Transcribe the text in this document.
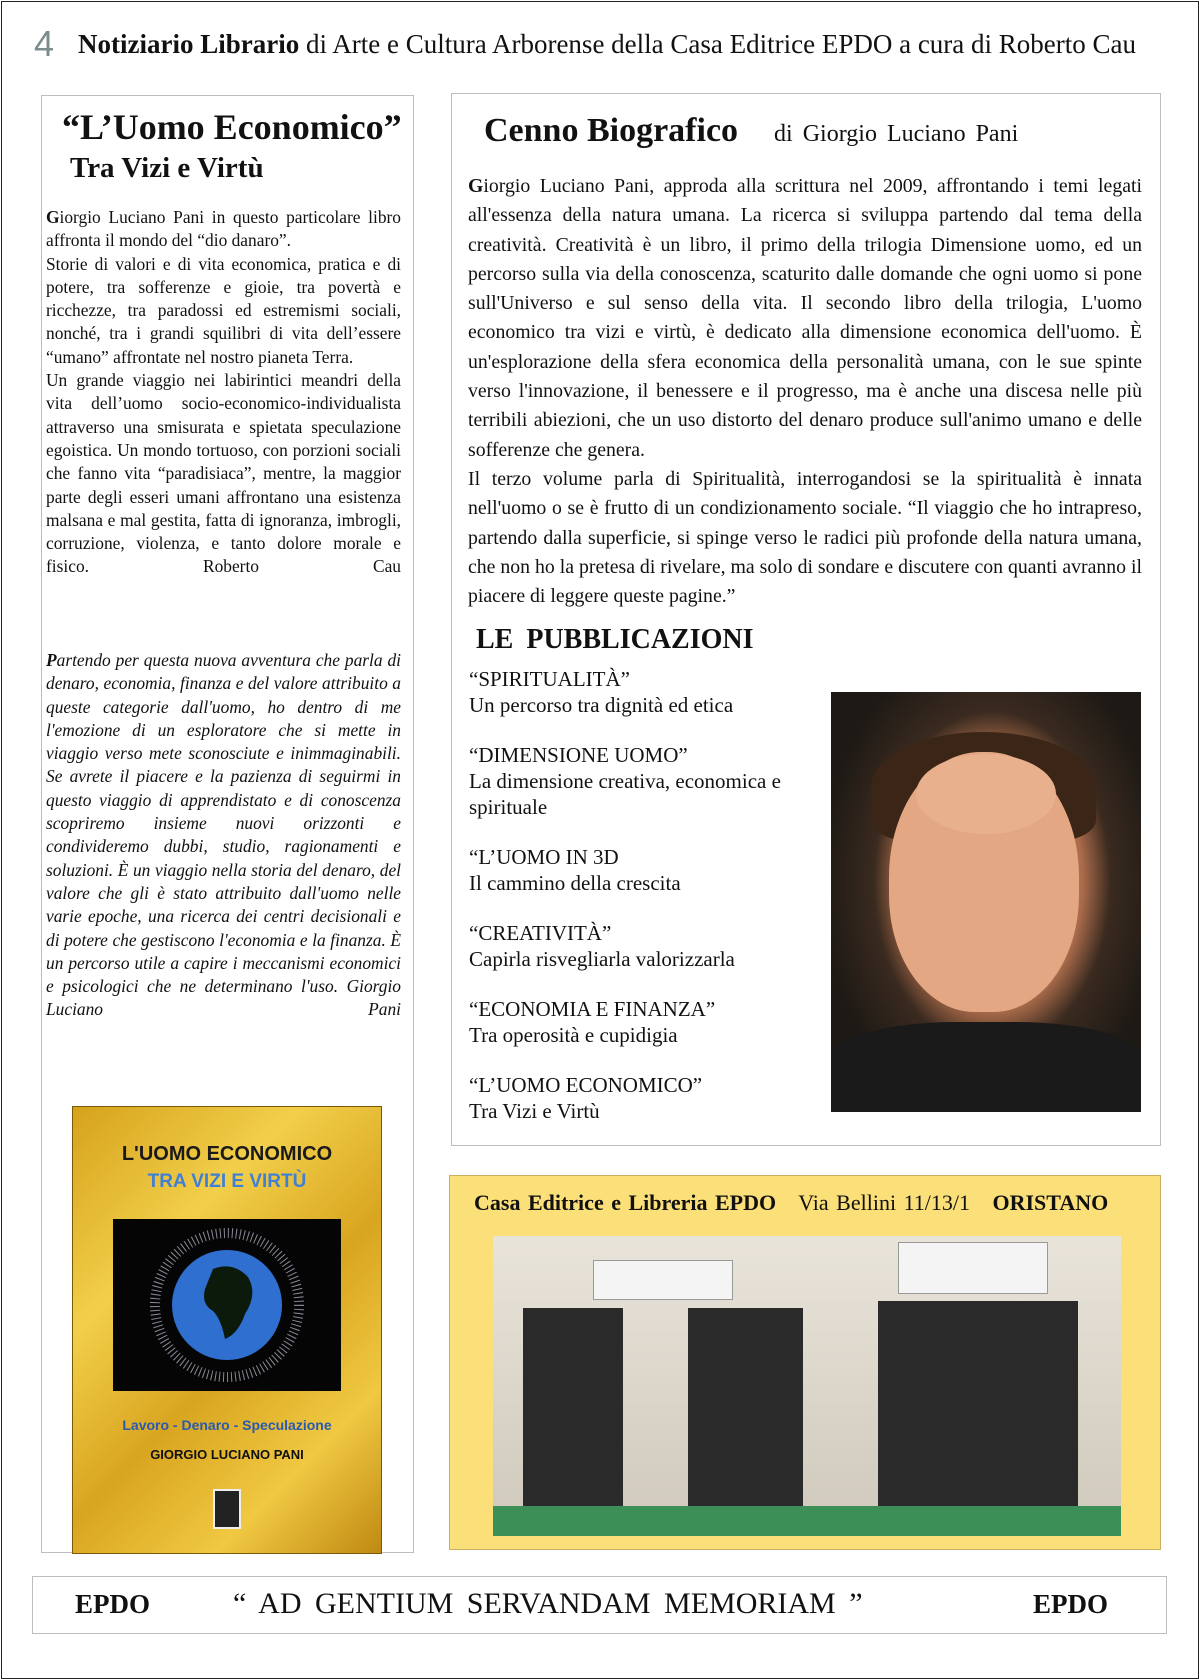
4 Notiziario Librario di Arte e Cultura Arborense della Casa Editrice EPDO a cura di Roberto Cau
“L’Uomo Economico”
Tra Vizi e Virtù

Giorgio Luciano Pani in questo particolare libro affronta il mondo del “dio danaro”.

Storie di valori e di vita economica, pratica e di potere, tra sofferenze e gioie, tra povertà e ricchezze, tra paradossi ed estremismi sociali, nonché, tra i grandi squilibri di vita dell’essere “umano” affrontate nel nostro pianeta Terra.

Un grande viaggio nei labirintici meandri della vita dell’uomo socio-economico-individualista attraverso una smisurata e spietata speculazione egoistica. Un mondo tortuoso, con porzioni sociali che fanno vita “paradisiaca”, mentre, la maggior parte degli esseri umani affrontano una esistenza malsana e mal gestita, fatta di ignoranza, imbrogli, corruzione, violenza, e tanto dolore morale e fisico.	Roberto Cau

Partendo per questa nuova avventura che parla di denaro, economia, finanza e del valore attribuito a queste categorie dall'uomo, ho dentro di me l'emozione di un esploratore che si mette in viaggio verso mete sconosciute e inimmaginabili. Se avrete il piacere e la pazienza di seguirmi in questo viaggio di apprendistato e di conoscenza scopriremo insieme nuovi orizzonti e condivideremo dubbi, studio, ragionamenti e soluzioni. È un viaggio nella storia del denaro, del valore che gli è stato attribuito dall'uomo nelle varie epoche, una ricerca dei centri decisionali e di potere che gestiscono l'economia e la finanza. È un percorso utile a capire i meccanismi economici e psicologici che ne determinano l'uso. Giorgio Luciano Pani

L'UOMO ECONOMICO
TRA VIZI E VIRTÙ
Lavoro - Denaro - Speculazione
GIORGIO LUCIANO PANI
Cenno Biografico di Giorgio Luciano Pani

Giorgio Luciano Pani, approda alla scrittura nel 2009, affrontando i temi legati all'essenza della natura umana. La ricerca si sviluppa partendo dal tema della creatività. Creatività è un libro, il primo della trilogia Dimensione uomo, ed un percorso sulla via della conoscenza, scaturito dalle domande che ogni uomo si pone sull'Universo e sul senso della vita. Il secondo libro della trilogia, L'uomo economico tra vizi e virtù, è dedicato alla dimensione economica dell'uomo. È un'esplorazione della sfera economica della personalità umana, con le sue spinte verso l'innovazione, il benessere e il progresso, ma è anche una discesa nelle più terribili abiezioni, che un uso distorto del denaro produce sull'animo umano e delle sofferenze che genera.

Il terzo volume parla di Spiritualità, interrogandosi se la spiritualità è innata nell'uomo o se è frutto di un condizionamento sociale. “Il viaggio che ho intrapreso, partendo dalla superficie, si spinge verso le radici più profonde della natura umana, che non ho la pretesa di rivelare, ma solo di sondare e discutere con quanti avranno il piacere di leggere queste pagine.”

LE PUBBLICAZIONI
“SPIRITUALITÀ”
Un percorso tra dignità ed etica
“DIMENSIONE UOMO”
La dimensione creativa, economica e spirituale
“L’UOMO IN 3D
Il cammino della crescita
“CREATIVITÀ”
Capirla risvegliarla valorizzarla
“ECONOMIA E FINANZA”
Tra operosità e cupidigia
“L’UOMO ECONOMICO”
Tra Vizi e Virtù
Casa Editrice e Libreria EPDO Via Bellini 11/13/1 ORISTANO
EPDO	“ AD GENTIUM SERVANDAM MEMORIAM ”	EPDO
